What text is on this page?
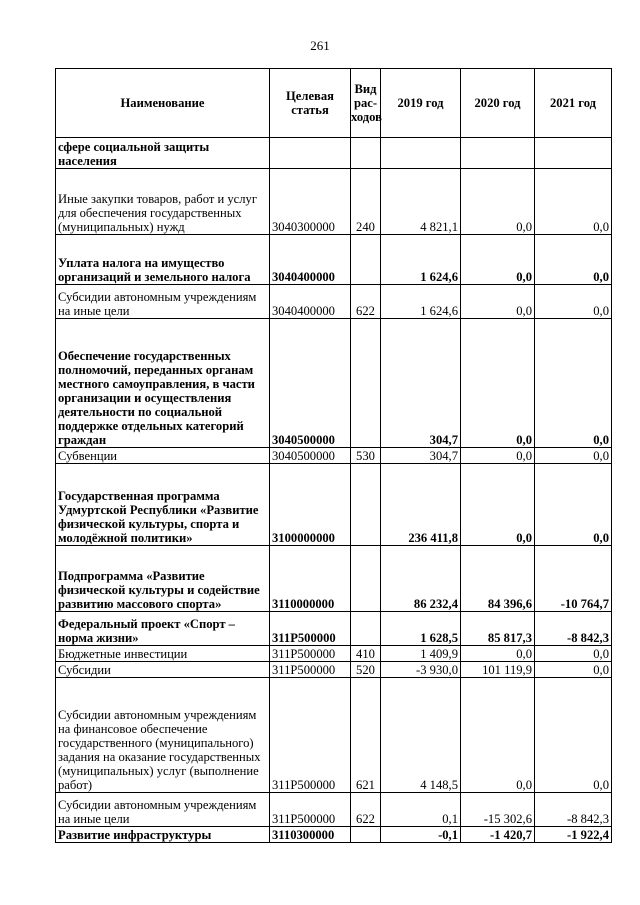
261
Наименование	Целевая статья	Вид рас-ходов	2019 год	2020 год	2021 год
сфере социальной защиты населения					
Иные закупки товаров, работ и услуг для обеспечения государственных (муниципальных) нужд	3040300000	240	4 821,1	0,0	0,0
Уплата налога на имущество организаций и земельного налога	3040400000		1 624,6	0,0	0,0
Субсидии автономным учреждениям на иные цели	3040400000	622	1 624,6	0,0	0,0
Обеспечение государственных полномочий, переданных органам местного самоуправления, в части организации и осуществления деятельности по социальной поддержке отдельных категорий граждан	3040500000		304,7	0,0	0,0
Субвенции	3040500000	530	304,7	0,0	0,0
Государственная программа Удмуртской Республики «Развитие физической культуры, спорта и молодёжной политики»	3100000000		236 411,8	0,0	0,0
Подпрограмма «Развитие физической культуры и содействие развитию массового спорта»	3110000000		86 232,4	84 396,6	-10 764,7
Федеральный проект «Спорт – норма жизни»	311P500000		1 628,5	85 817,3	-8 842,3
Бюджетные инвестиции	311P500000	410	1 409,9	0,0	0,0
Субсидии	311P500000	520	-3 930,0	101 119,9	0,0
Субсидии автономным учреждениям на финансовое обеспечение государственного (муниципального) задания на оказание государственных (муниципальных) услуг (выполнение работ)	311P500000	621	4 148,5	0,0	0,0
Субсидии автономным учреждениям на иные цели	311P500000	622	0,1	-15 302,6	-8 842,3
Развитие инфраструктуры	3110300000		-0,1	-1 420,7	-1 922,4
